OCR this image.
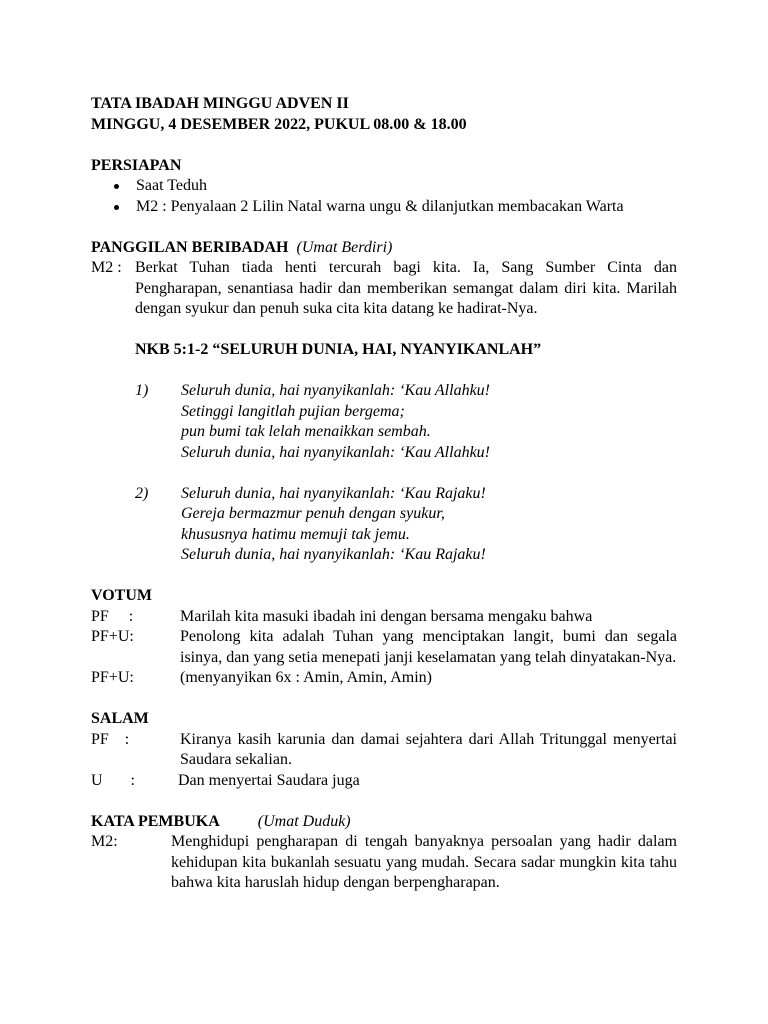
TATA IBADAH MINGGU ADVEN II
MINGGU, 4 DESEMBER 2022, PUKUL 08.00 & 18.00
PERSIAPAN
Saat Teduh
M2 : Penyalaan 2 Lilin Natal warna ungu & dilanjutkan membacakan Warta
PANGGILAN BERIBADAH (Umat Berdiri)
M2 : Berkat Tuhan tiada henti tercurah bagi kita. Ia, Sang Sumber Cinta dan Pengharapan, senantiasa hadir dan memberikan semangat dalam diri kita. Marilah dengan syukur dan penuh suka cita kita datang ke hadirat-Nya.
NKB 5:1-2 “SELURUH DUNIA, HAI, NYANYIKANLAH”
1) Seluruh dunia, hai nyanyikanlah: ‘Kau Allahku!
Setinggi langitlah pujian bergema;
pun bumi tak lelah menaikkan sembah.
Seluruh dunia, hai nyanyikanlah: ‘Kau Allahku!
2) Seluruh dunia, hai nyanyikanlah: ‘Kau Rajaku!
Gereja bermazmur penuh dengan syukur,
khususnya hatimu memuji tak jemu.
Seluruh dunia, hai nyanyikanlah: ‘Kau Rajaku!
VOTUM
PF     :	Marilah kita masuki ibadah ini dengan bersama mengaku bahwa
PF+U:	Penolong kita adalah Tuhan yang menciptakan langit, bumi dan segala isinya, dan yang setia menepati janji keselamatan yang telah dinyatakan-Nya.
PF+U:	(menyanyikan 6x : Amin, Amin, Amin)
SALAM
PF    :	Kiranya kasih karunia dan damai sejahtera dari Allah Tritunggal menyertai Saudara sekalian.
U       :	Dan menyertai Saudara juga
KATA PEMBUKA (Umat Duduk)
M2:	Menghidupi pengharapan di tengah banyaknya persoalan yang hadir dalam kehidupan kita bukanlah sesuatu yang mudah. Secara sadar mungkin kita tahu bahwa kita haruslah hidup dengan berpengharapan.
